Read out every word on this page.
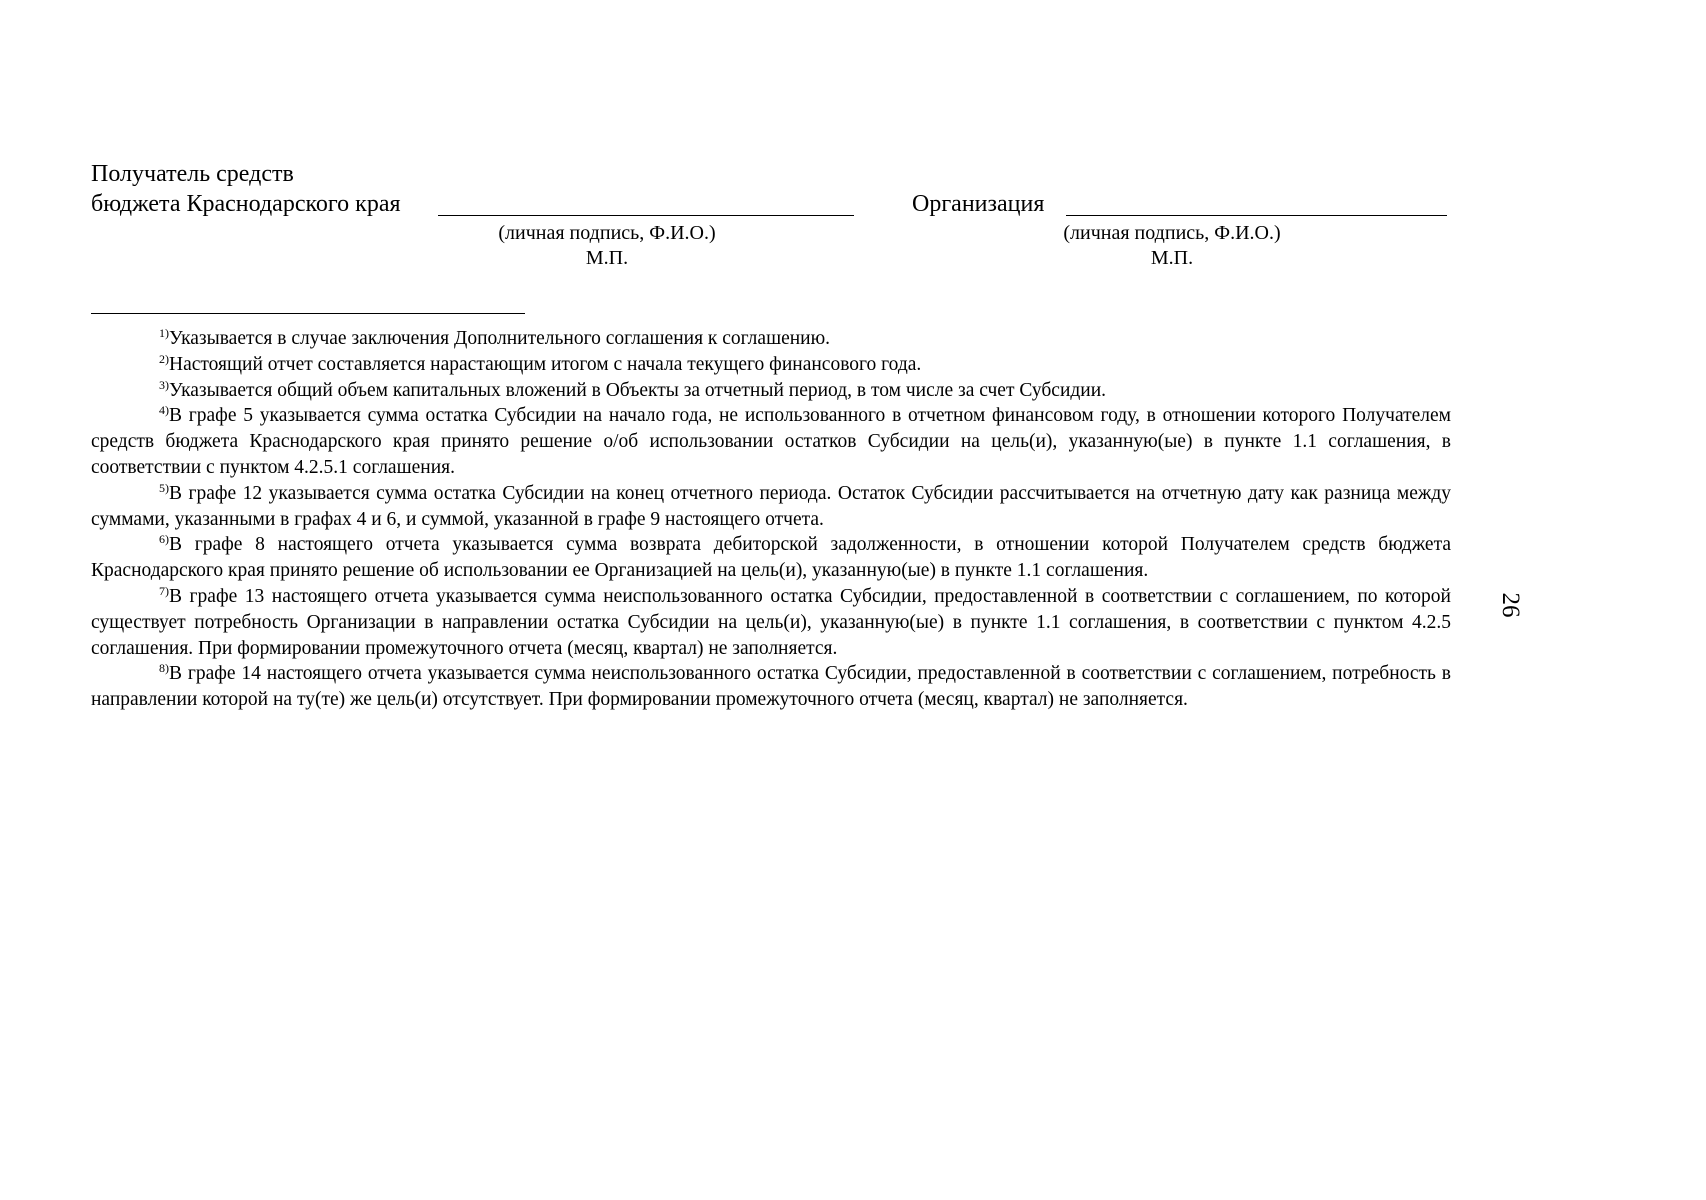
Получатель средств
бюджета Краснодарского края
(личная подпись, Ф.И.О.)
М.П.
Организация
(личная подпись, Ф.И.О.)
М.П.

$^{1)}$Указывается в случае заключения Дополнительного соглашения к соглашению.

$^{2)}$Настоящий отчет составляется нарастающим итогом с начала текущего финансового года.

$^{3)}$Указывается общий объем капитальных вложений в Объекты за отчетный период, в том числе за счет Субсидии.

$^{4)}$В графе 5 указывается сумма остатка Субсидии на начало года, не использованного в отчетном финансовом году, в отношении которого Получателем средств бюджета Краснодарского края принято решение о/об использовании остатков Субсидии на цель(и), указанную(ые) в пункте 1.1 соглашения, в соответствии с пунктом 4.2.5.1 соглашения.

$^{5)}$В графе 12 указывается сумма остатка Субсидии на конец отчетного периода. Остаток Субсидии рассчитывается на отчетную дату как разница между суммами, указанными в графах 4 и 6, и суммой, указанной в графе 9 настоящего отчета.

$^{6)}$В графе 8 настоящего отчета указывается сумма возврата дебиторской задолженности, в отношении которой Получателем средств бюджета Краснодарского края принято решение об использовании ее Организацией на цель(и), указанную(ые) в пункте 1.1 соглашения.

$^{7)}$В графе 13 настоящего отчета указывается сумма неиспользованного остатка Субсидии, предоставленной в соответствии с соглашением, по которой существует потребность Организации в направлении остатка Субсидии на цель(и), указанную(ые) в пункте 1.1 соглашения, в соответствии с пунктом 4.2.5 соглашения. При формировании промежуточного отчета (месяц, квартал) не заполняется.

$^{8)}$В графе 14 настоящего отчета указывается сумма неиспользованного остатка Субсидии, предоставленной в соответствии с соглашением, потребность в направлении которой на ту(те) же цель(и) отсутствует. При формировании промежуточного отчета (месяц, квартал) не заполняется.

26
